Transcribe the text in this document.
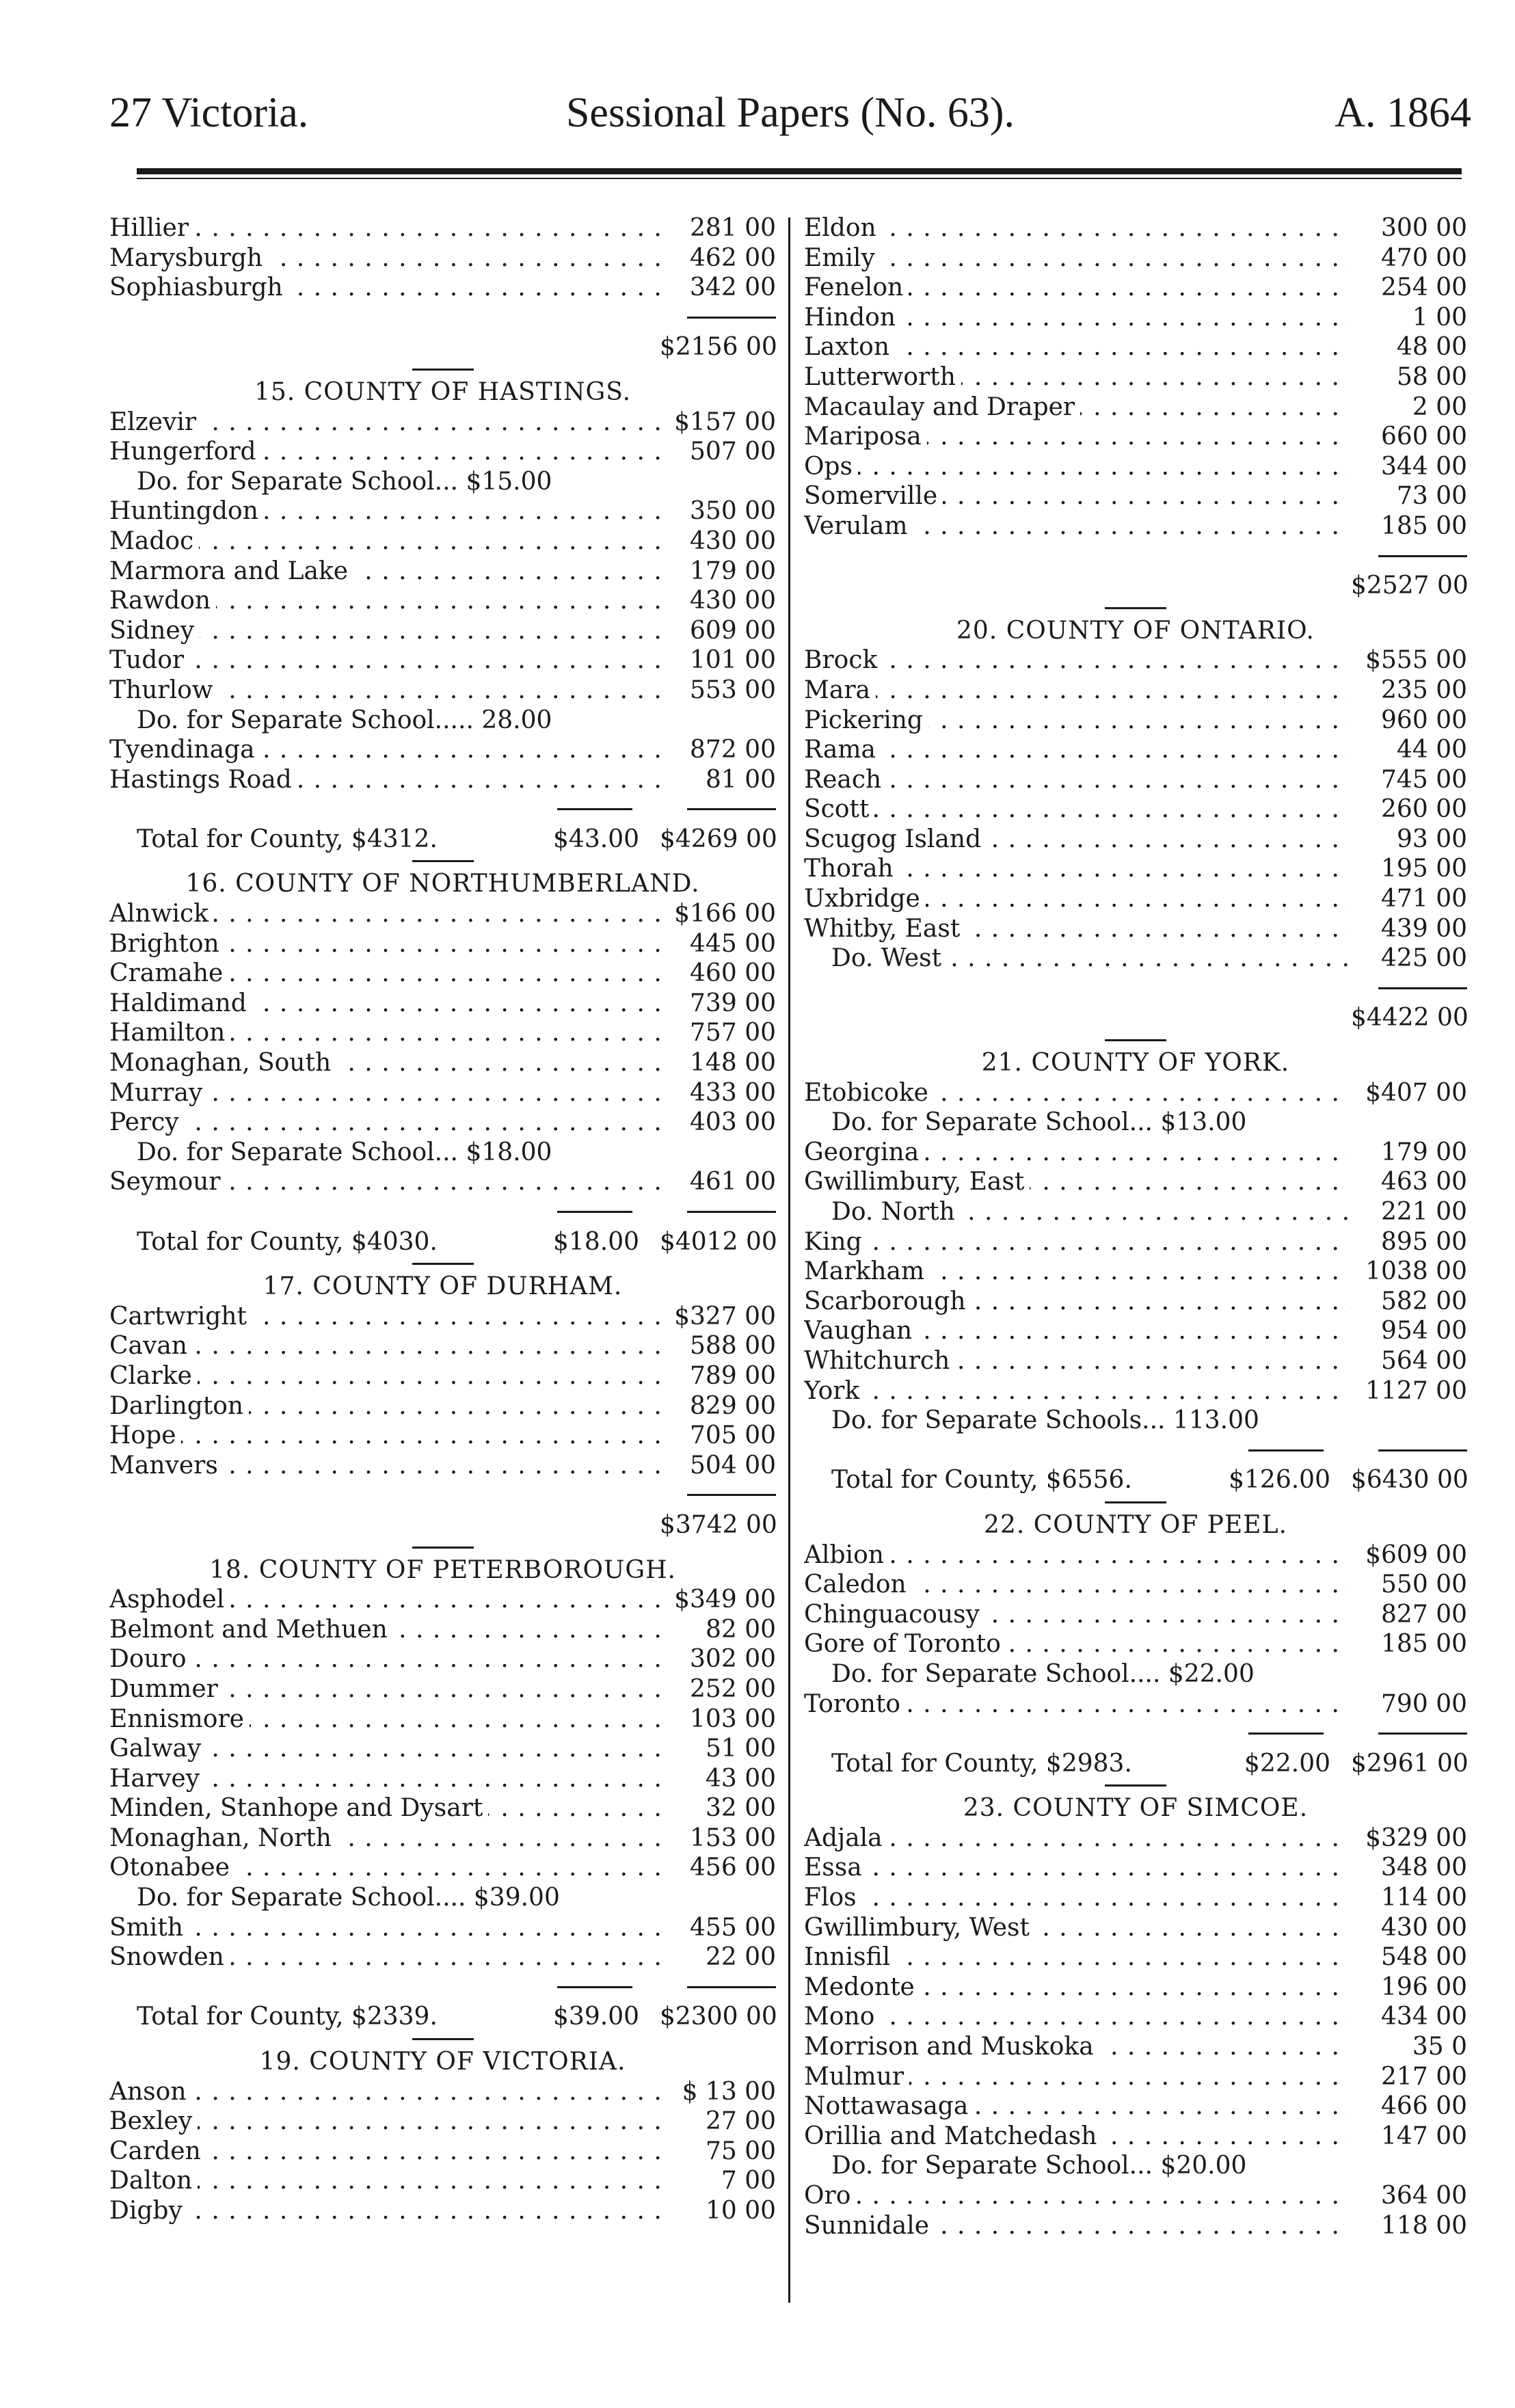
27 Victoria.	Sessional Papers (No. 63).	A. 1864
Hillier . . .	281 00
Marysburgh . . .	462 00
Sophiasburgh . . .	342 00
$2156 00
15. COUNTY OF HASTINGS.
Elzevir . . .	$157 00
Hungerford . . .	507 00
Do. for Separate School... $15.00
Huntingdon . . .	350 00
Madoc . . .	430 00
Marmora and Lake . . .	179 00
Rawdon . . .	430 00
Sidney . . .	609 00
Tudor . . .	101 00
Thurlow . . .	553 00
Do. for Separate School..... 28.00
Tyendinaga . . .	872 00
Hastings Road . . .	81 00
Total for County, $4312.	$43.00 $4269 00
16. COUNTY OF NORTHUMBERLAND.
Alnwick . . .	$166 00
Brighton . . .	445 00
Cramahe . . .	460 00
Haldimand . . .	739 00
Hamilton . . .	757 00
Monaghan, South . . .	148 00
Murray . . .	433 00
Percy . . .	403 00
Do. for Separate School... $18.00
Seymour . . .	461 00
Total for County, $4030.	$18.00 $4012 00
17. COUNTY OF DURHAM.
Cartwright . . .	$327 00
Cavan . . .	588 00
Clarke . . .	789 00
Darlington . . .	829 00
Hope . . .	705 00
Manvers . . .	504 00
$3742 00
18. COUNTY OF PETERBOROUGH.
Asphodel . . .	$349 00
Belmont and Methuen . . .	82 00
Douro . . .	302 00
Dummer . . .	252 00
Ennismore . . .	103 00
Galway . . .	51 00
Harvey . . .	43 00
Minden, Stanhope and Dysart . . .	32 00
Monaghan, North . . .	153 00
Otonabee . . .	456 00
Do. for Separate School.... $39.00
Smith . . .	455 00
Snowden . . .	22 00
Total for County, $2339.	$39.00 $2300 00
19. COUNTY OF VICTORIA.
Anson . . .	$ 13 00
Bexley . . .	27 00
Carden . . .	75 00
Dalton . . .	7 00
Digby . . .	10 00
Eldon . . .	300 00
Emily . . .	470 00
Fenelon . . .	254 00
Hindon . . .	1 00
Laxton . . .	48 00
Lutterworth . . .	58 00
Macaulay and Draper . . .	2 00
Mariposa . . .	660 00
Ops . . .	344 00
Somerville . . .	73 00
Verulam . . .	185 00
$2527 00
20. COUNTY OF ONTARIO.
Brock . . .	$555 00
Mara . . .	235 00
Pickering . . .	960 00
Rama . . .	44 00
Reach . . .	745 00
Scott . . .	260 00
Scugog Island . . .	93 00
Thorah . . .	195 00
Uxbridge . . .	471 00
Whitby, East . . .	439 00
Do. West . . .	425 00
$4422 00
21. COUNTY OF YORK.
Etobicoke . . .	$407 00
Do. for Separate School... $13.00
Georgina . . .	179 00
Gwillimbury, East . . .	463 00
Do. North . . .	221 00
King . . .	895 00
Markham . . .	1038 00
Scarborough . . .	582 00
Vaughan . . .	954 00
Whitchurch . . .	564 00
York . . .	1127 00
Do. for Separate Schools... 113.00
Total for County, $6556.	$126.00 $6430 00
22. COUNTY OF PEEL.
Albion . . .	$609 00
Caledon . . .	550 00
Chinguacousy . . .	827 00
Gore of Toronto . . .	185 00
Do. for Separate School.... $22.00
Toronto . . .	790 00
Total for County, $2983.	$22.00 $2961 00
23. COUNTY OF SIMCOE.
Adjala . . .	$329 00
Essa . . .	348 00
Flos . . .	114 00
Gwillimbury, West . . .	430 00
Innisfil . . .	548 00
Medonte . . .	196 00
Mono . . .	434 00
Morrison and Muskoka . . .	35 0
Mulmur . . .	217 00
Nottawasaga . . .	466 00
Orillia and Matchedash . . .	147 00
Do. for Separate School... $20.00
Oro . . .	364 00
Sunnidale . . .	118 00
